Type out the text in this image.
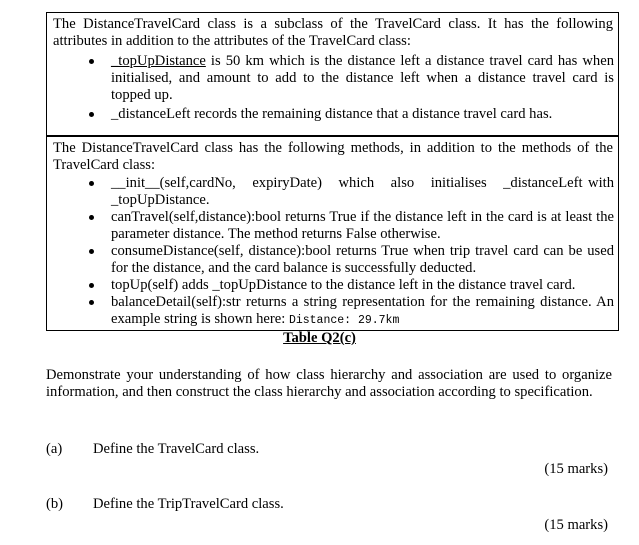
The DistanceTravelCard class is a subclass of the TravelCard class. It has the following attributes in addition to the attributes of the TravelCard class:
_topUpDistance is 50 km which is the distance left a distance travel card has when initialised, and amount to add to the distance left when a distance travel card is topped up.
_distanceLeft records the remaining distance that a distance travel card has.
The DistanceTravelCard class has the following methods, in addition to the methods of the TravelCard class:
__init__(self,cardNo,   expiryDate)   which   also   initialises   _distanceLeft with _topUpDistance.
canTravel(self,distance):bool returns True if the distance left in the card is at least the parameter distance. The method returns False otherwise.
consumeDistance(self, distance):bool returns True when trip travel card can be used for the distance, and the card balance is successfully deducted.
topUp(self) adds _topUpDistance to the distance left in the distance travel card.
balanceDetail(self):str returns a string representation for the remaining distance. An example string is shown here: Distance: 29.7km
Table Q2(c)
Demonstrate your understanding of how class hierarchy and association are used to organize information, and then construct the class hierarchy and association according to specification.
(a) Define the TravelCard class.
(15 marks)
(b) Define the TripTravelCard class.
(15 marks)
